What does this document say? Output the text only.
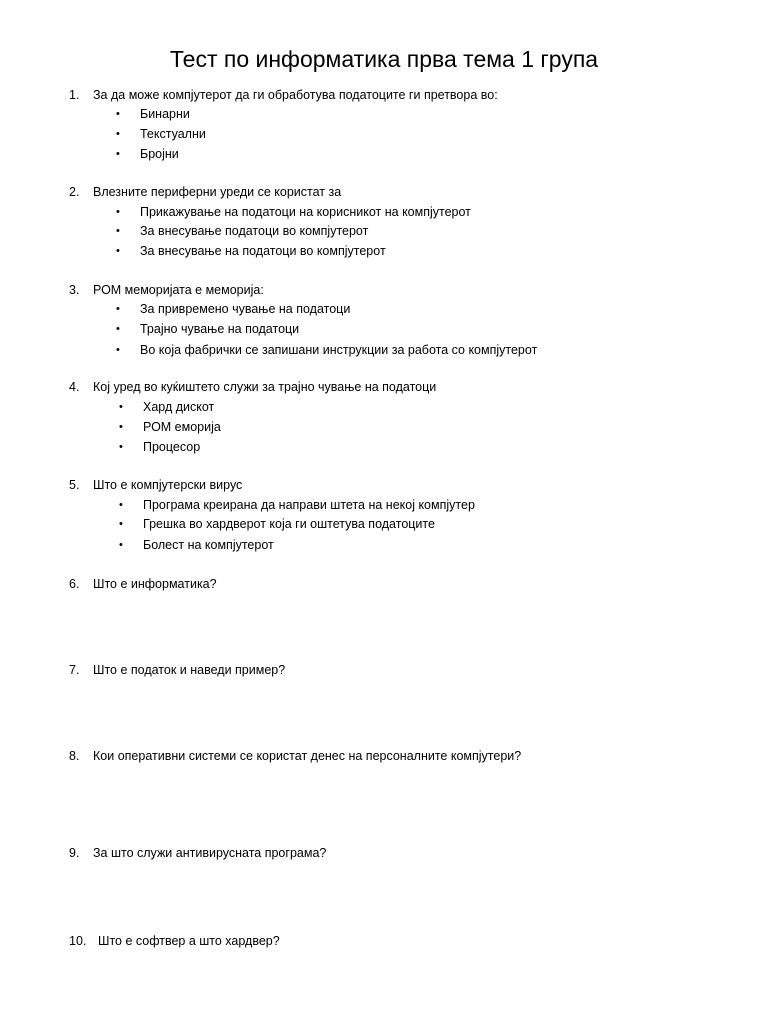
Тест по информатика прва тема 1 група
1. За да може компјутерот да ги обработува податоците ги претвора во:
• Бинарни
• Текстуални
• Бројни
2. Влезните периферни уреди се користат за
• Прикажување на податоци на корисникот на компјутерот
• За внесување податоци во компјутерот
• За внесување на податоци во компјутерот
3. РОМ меморијата е меморија:
• За привремено чување на податоци
• Трајно чување на податоци
• Во која фабрички се запишани инструкции за работа со компјутерот
4. Кој уред во куќиштето служи за трајно чување на податоци
• Хард дискот
• РОМ еморија
• Процесор
5. Што е компјутерски вирус
• Програма креирана да направи штета на некој компјутер
• Грешка во хардверот која ги оштетува податоците
• Болест на компјутерот
6. Што е информатика?
7. Што е податок и наведи пример?
8. Кои оперативни системи се користат денес на персоналните компјутери?
9. За што служи антивирусната програма?
10. Што е софтвер а што хардвер?
